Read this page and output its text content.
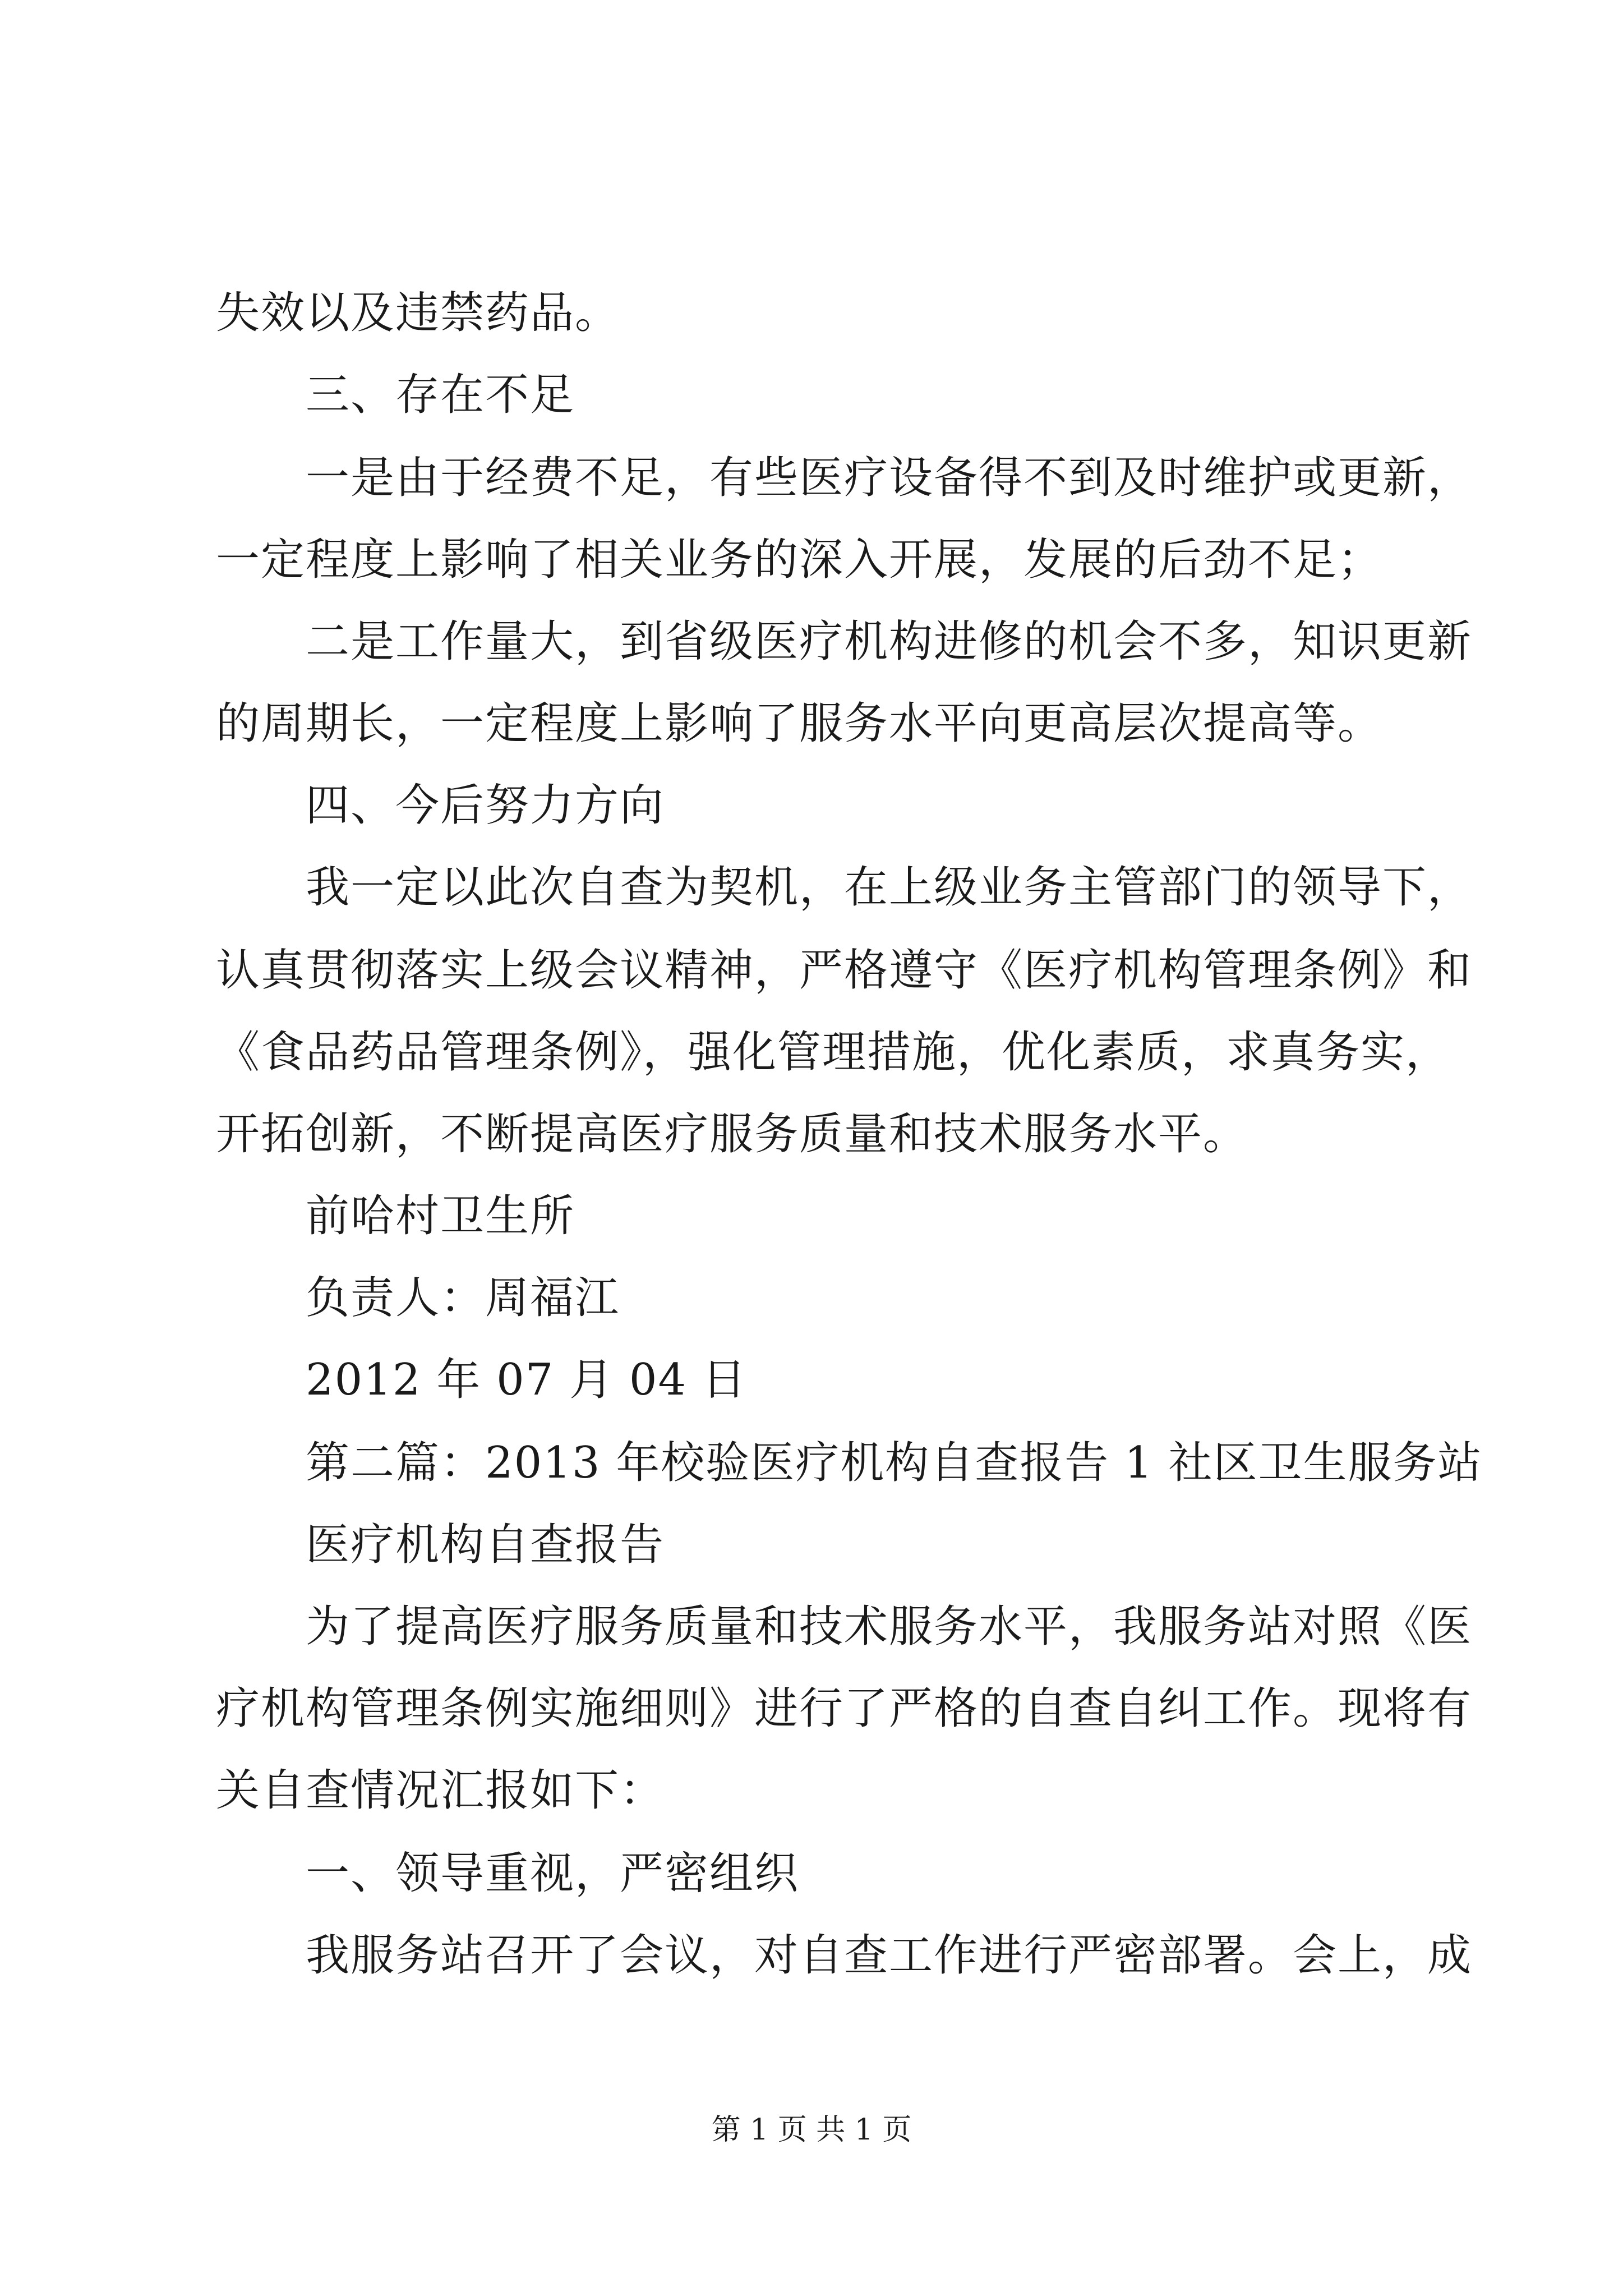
失效以及违禁药品。
三、存在不足
一是由于经费不足，有些医疗设备得不到及时维护或更新，
一定程度上影响了相关业务的深入开展，发展的后劲不足；
二是工作量大，到省级医疗机构进修的机会不多，知识更新
的周期长，一定程度上影响了服务水平向更高层次提高等。
四、今后努力方向
我一定以此次自查为契机，在上级业务主管部门的领导下，
认真贯彻落实上级会议精神，严格遵守《医疗机构管理条例》和
《食品药品管理条例》，强化管理措施，优化素质，求真务实，
开拓创新，不断提高医疗服务质量和技术服务水平。
前哈村卫生所
负责人：周福江
2012 年 07 月 04 日
第二篇：2013 年校验医疗机构自查报告 1 社区卫生服务站
医疗机构自查报告
为了提高医疗服务质量和技术服务水平，我服务站对照《医
疗机构管理条例实施细则》进行了严格的自查自纠工作。现将有
关自查情况汇报如下：
一、领导重视，严密组织
我服务站召开了会议，对自查工作进行严密部署。会上，成
第 1 页 共 1 页
